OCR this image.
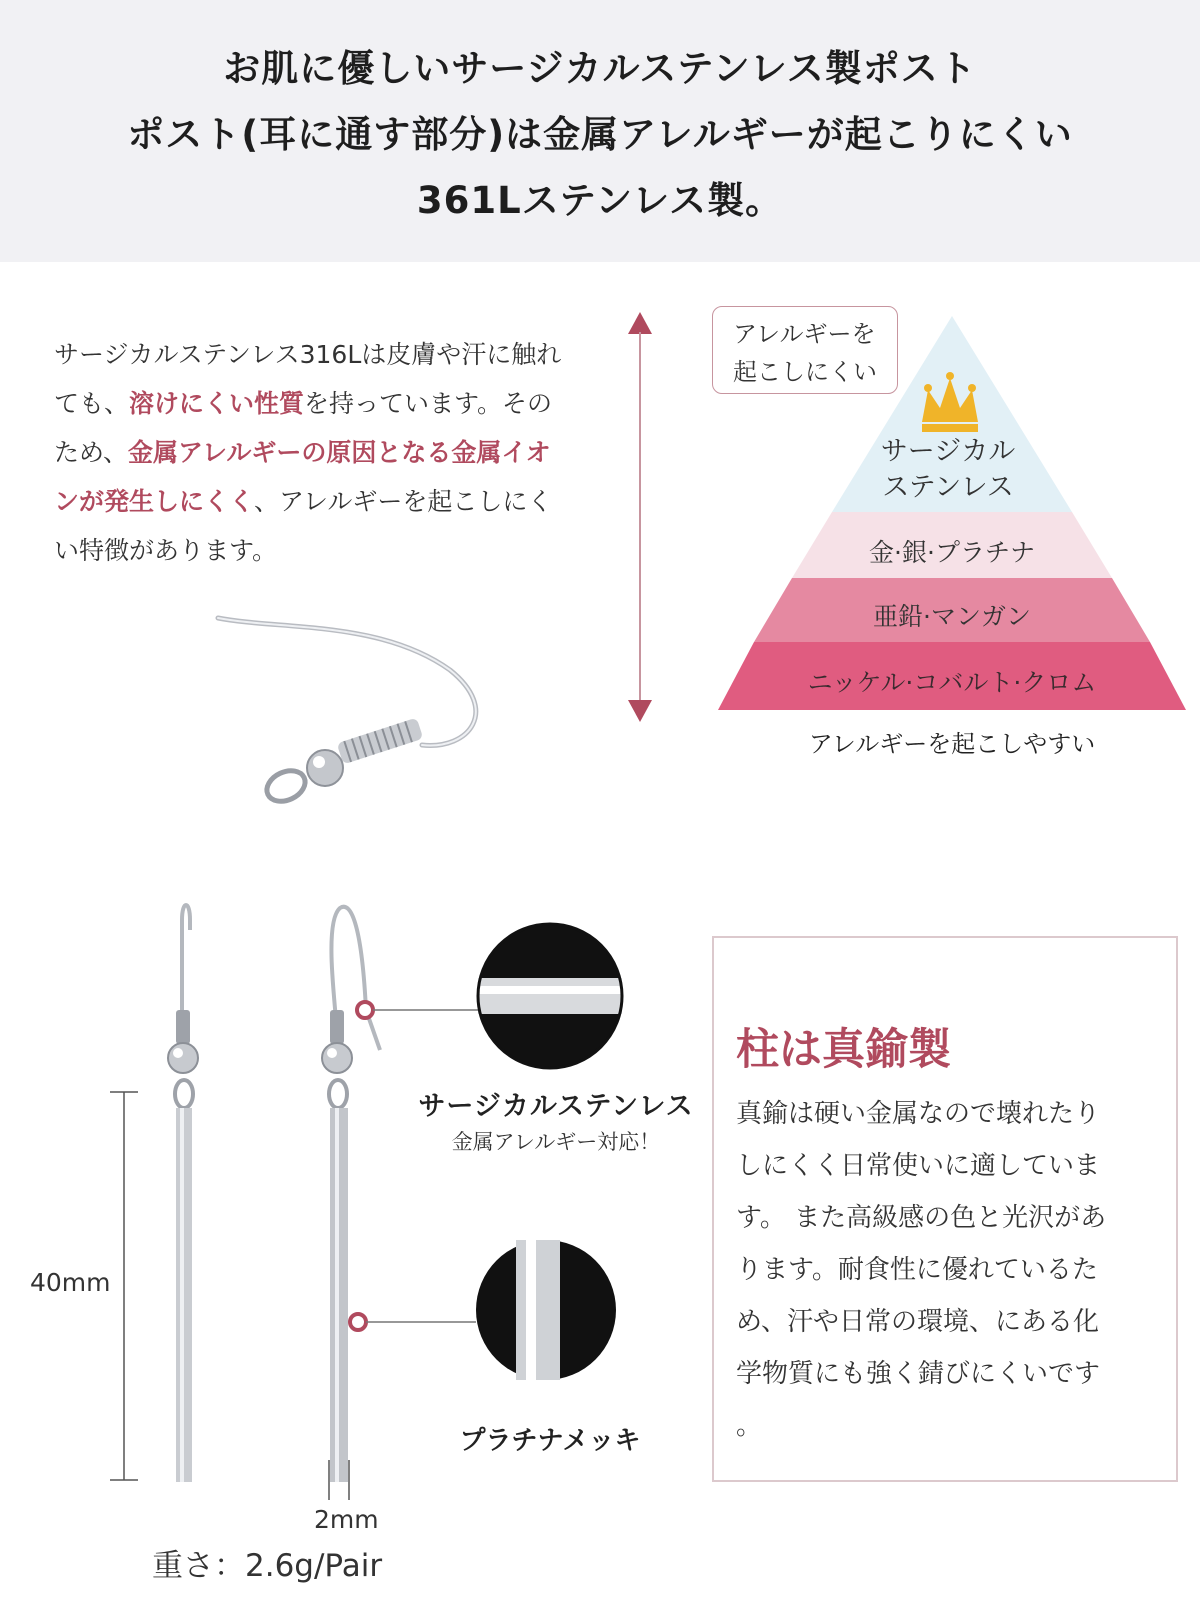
お肌に優しいサージカルステンレス製ポスト
ポスト(耳に通す部分)は金属アレルギーが起こりにくい
361Lステンレス製。
サージカルステンレス316Lは皮膚や汗に触れても、溶けにくい性質を持っています。そのため、金属アレルギーの原因となる金属イオンが発生しにくく、アレルギーを起こしにくい特徴があります。
アレルギーを
起こしにくい
サージカル
ステンレス
金·銀·プラチナ
亜鉛·マンガン
ニッケル·コバルト·クロム
アレルギーを起こしやすい
サージカルステンレス
金属アレルギー対応！
プラチナメッキ
40mm
2mm
重さ：2.6g/Pair
柱は真鍮製
真鍮は硬い金属なので壊れたり
しにくく日常使いに適していま
す。 また高級感の色と光沢があ
ります。耐食性に優れているた
め、汗や日常の環境、にある化
学物質にも強く錆びにくいです
。
